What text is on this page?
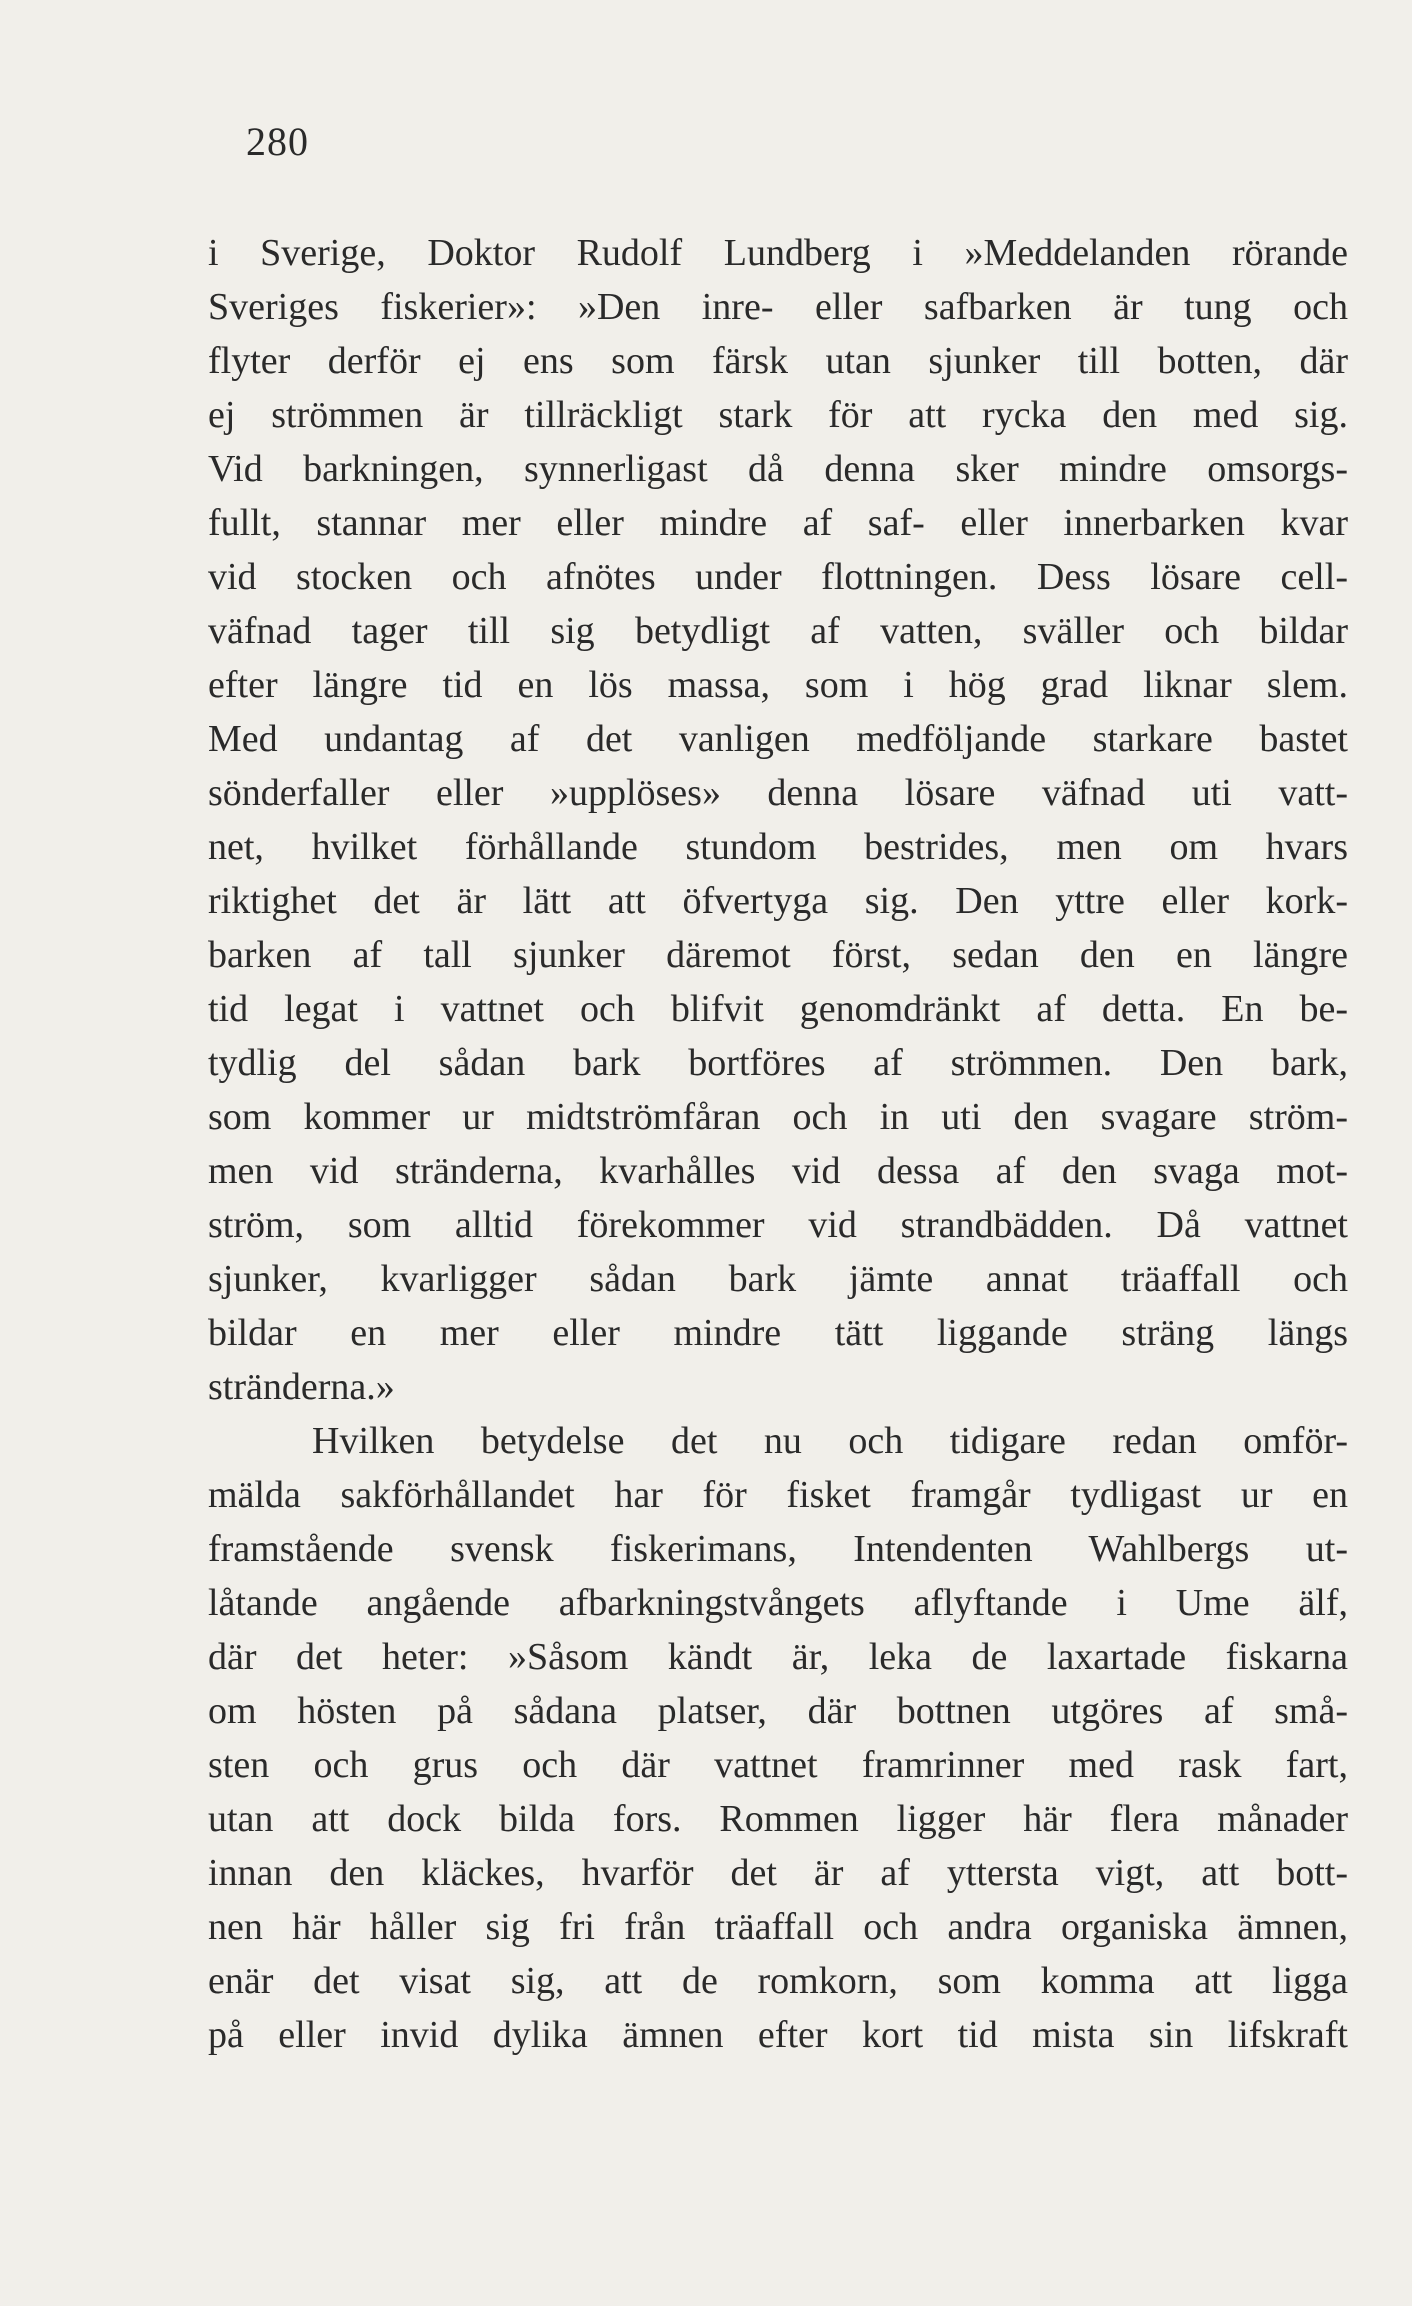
280
i Sverige, Doktor Rudolf Lundberg i »Meddelanden rörande
Sveriges fiskerier»: »Den inre- eller safbarken är tung och
flyter derför ej ens som färsk utan sjunker till botten, där
ej strömmen är tillräckligt stark för att rycka den med sig.
Vid barkningen, synnerligast då denna sker mindre omsorgs-
fullt, stannar mer eller mindre af saf- eller innerbarken kvar
vid stocken och afnötes under flottningen. Dess lösare cell-
väfnad tager till sig betydligt af vatten, sväller och bildar
efter längre tid en lös massa, som i hög grad liknar slem.
Med undantag af det vanligen medföljande starkare bastet
sönderfaller eller »upplöses» denna lösare väfnad uti vatt-
net, hvilket förhållande stundom bestrides, men om hvars
riktighet det är lätt att öfvertyga sig. Den yttre eller kork-
barken af tall sjunker däremot först, sedan den en längre
tid legat i vattnet och blifvit genomdränkt af detta. En be-
tydlig del sådan bark bortföres af strömmen. Den bark,
som kommer ur midtströmfåran och in uti den svagare ström-
men vid stränderna, kvarhålles vid dessa af den svaga mot-
ström, som alltid förekommer vid strandbädden. Då vattnet
sjunker, kvarligger sådan bark jämte annat träaffall och
bildar en mer eller mindre tätt liggande sträng längs
stränderna.»
Hvilken betydelse det nu och tidigare redan omför-
mälda sakförhållandet har för fisket framgår tydligast ur en
framstående svensk fiskerimans, Intendenten Wahlbergs ut-
låtande angående afbarkningstvångets aflyftande i Ume älf,
där det heter: »Såsom kändt är, leka de laxartade fiskarna
om hösten på sådana platser, där bottnen utgöres af små-
sten och grus och där vattnet framrinner med rask fart,
utan att dock bilda fors. Rommen ligger här flera månader
innan den kläckes, hvarför det är af yttersta vigt, att bott-
nen här håller sig fri från träaffall och andra organiska ämnen,
enär det visat sig, att de romkorn, som komma att ligga
på eller invid dylika ämnen efter kort tid mista sin lifskraft
